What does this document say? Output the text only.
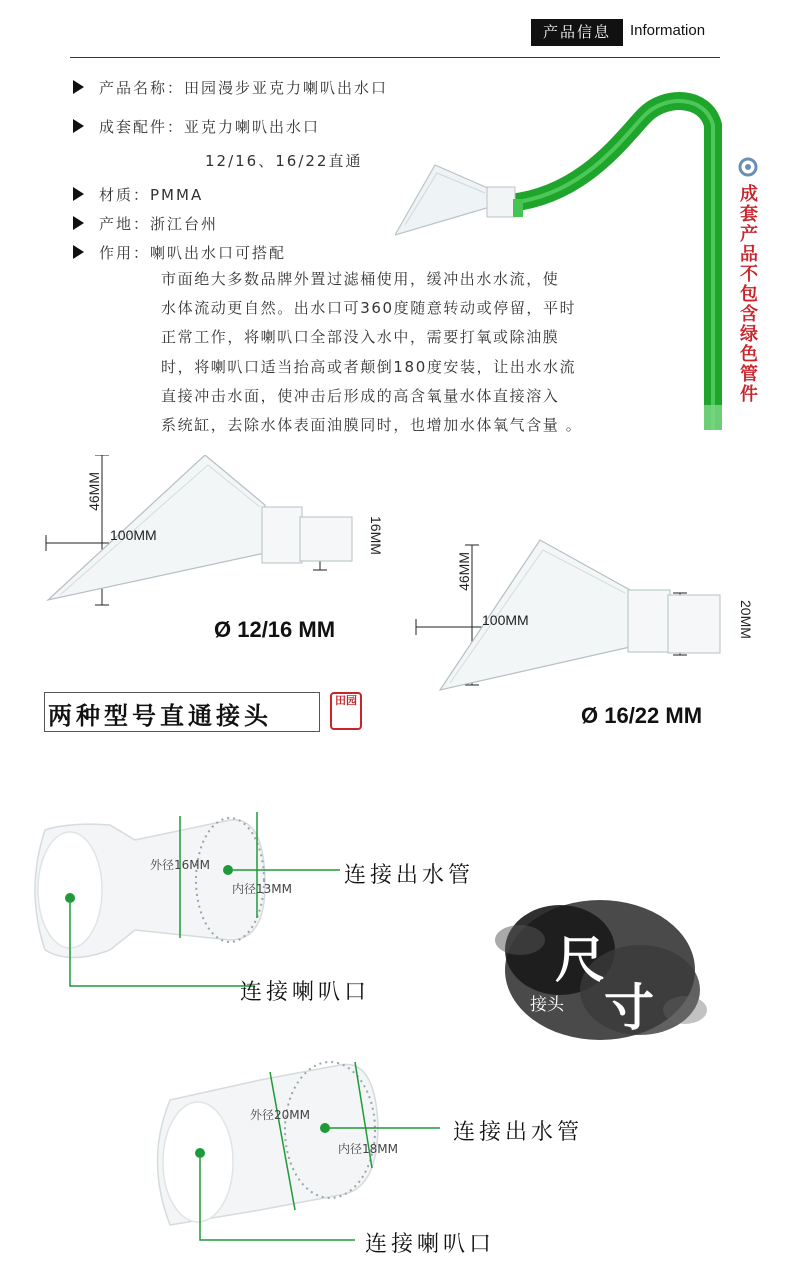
产品信息	Information
产品名称：田园漫步亚克力喇叭出水口
成套配件：亚克力喇叭出水口
12/16、16/22直通
材质：PMMA
产地：浙江台州
作用：喇叭出水口可搭配
成套产品不包含绿色管件
市面绝大多数品牌外置过滤桶使用，缓冲出水水流，使
水体流动更自然。出水口可360度随意转动或停留，平时
正常工作，将喇叭口全部没入水中，需要打氧或除油膜
时，将喇叭口适当抬高或者颠倒180度安装，让出水水流
直接冲击水面，使冲击后形成的高含氧量水体直接溶入
系统缸，去除水体表面油膜同时，也增加水体氧气含量 。
46MM
100MM	16MM
Ø 12/16 MM
46MM
100MM	20MM
Ø 16/22 MM
两种型号直通接头
田园
外径16MM
内径13MM
连接出水管
连接喇叭口
尺
寸
接头
外径20MM
内径18MM
连接出水管
连接喇叭口
